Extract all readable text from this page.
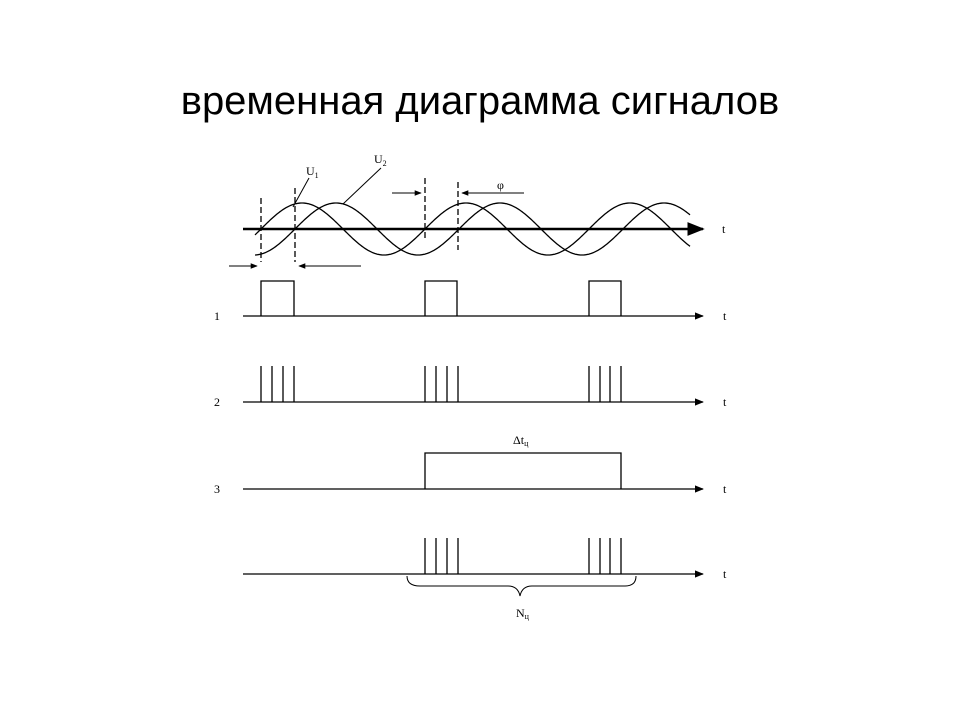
временная диаграмма сигналов
t
$U_1$
$U_2$
φ
1	t
2	t
3	t
Δtц
t
Nц
